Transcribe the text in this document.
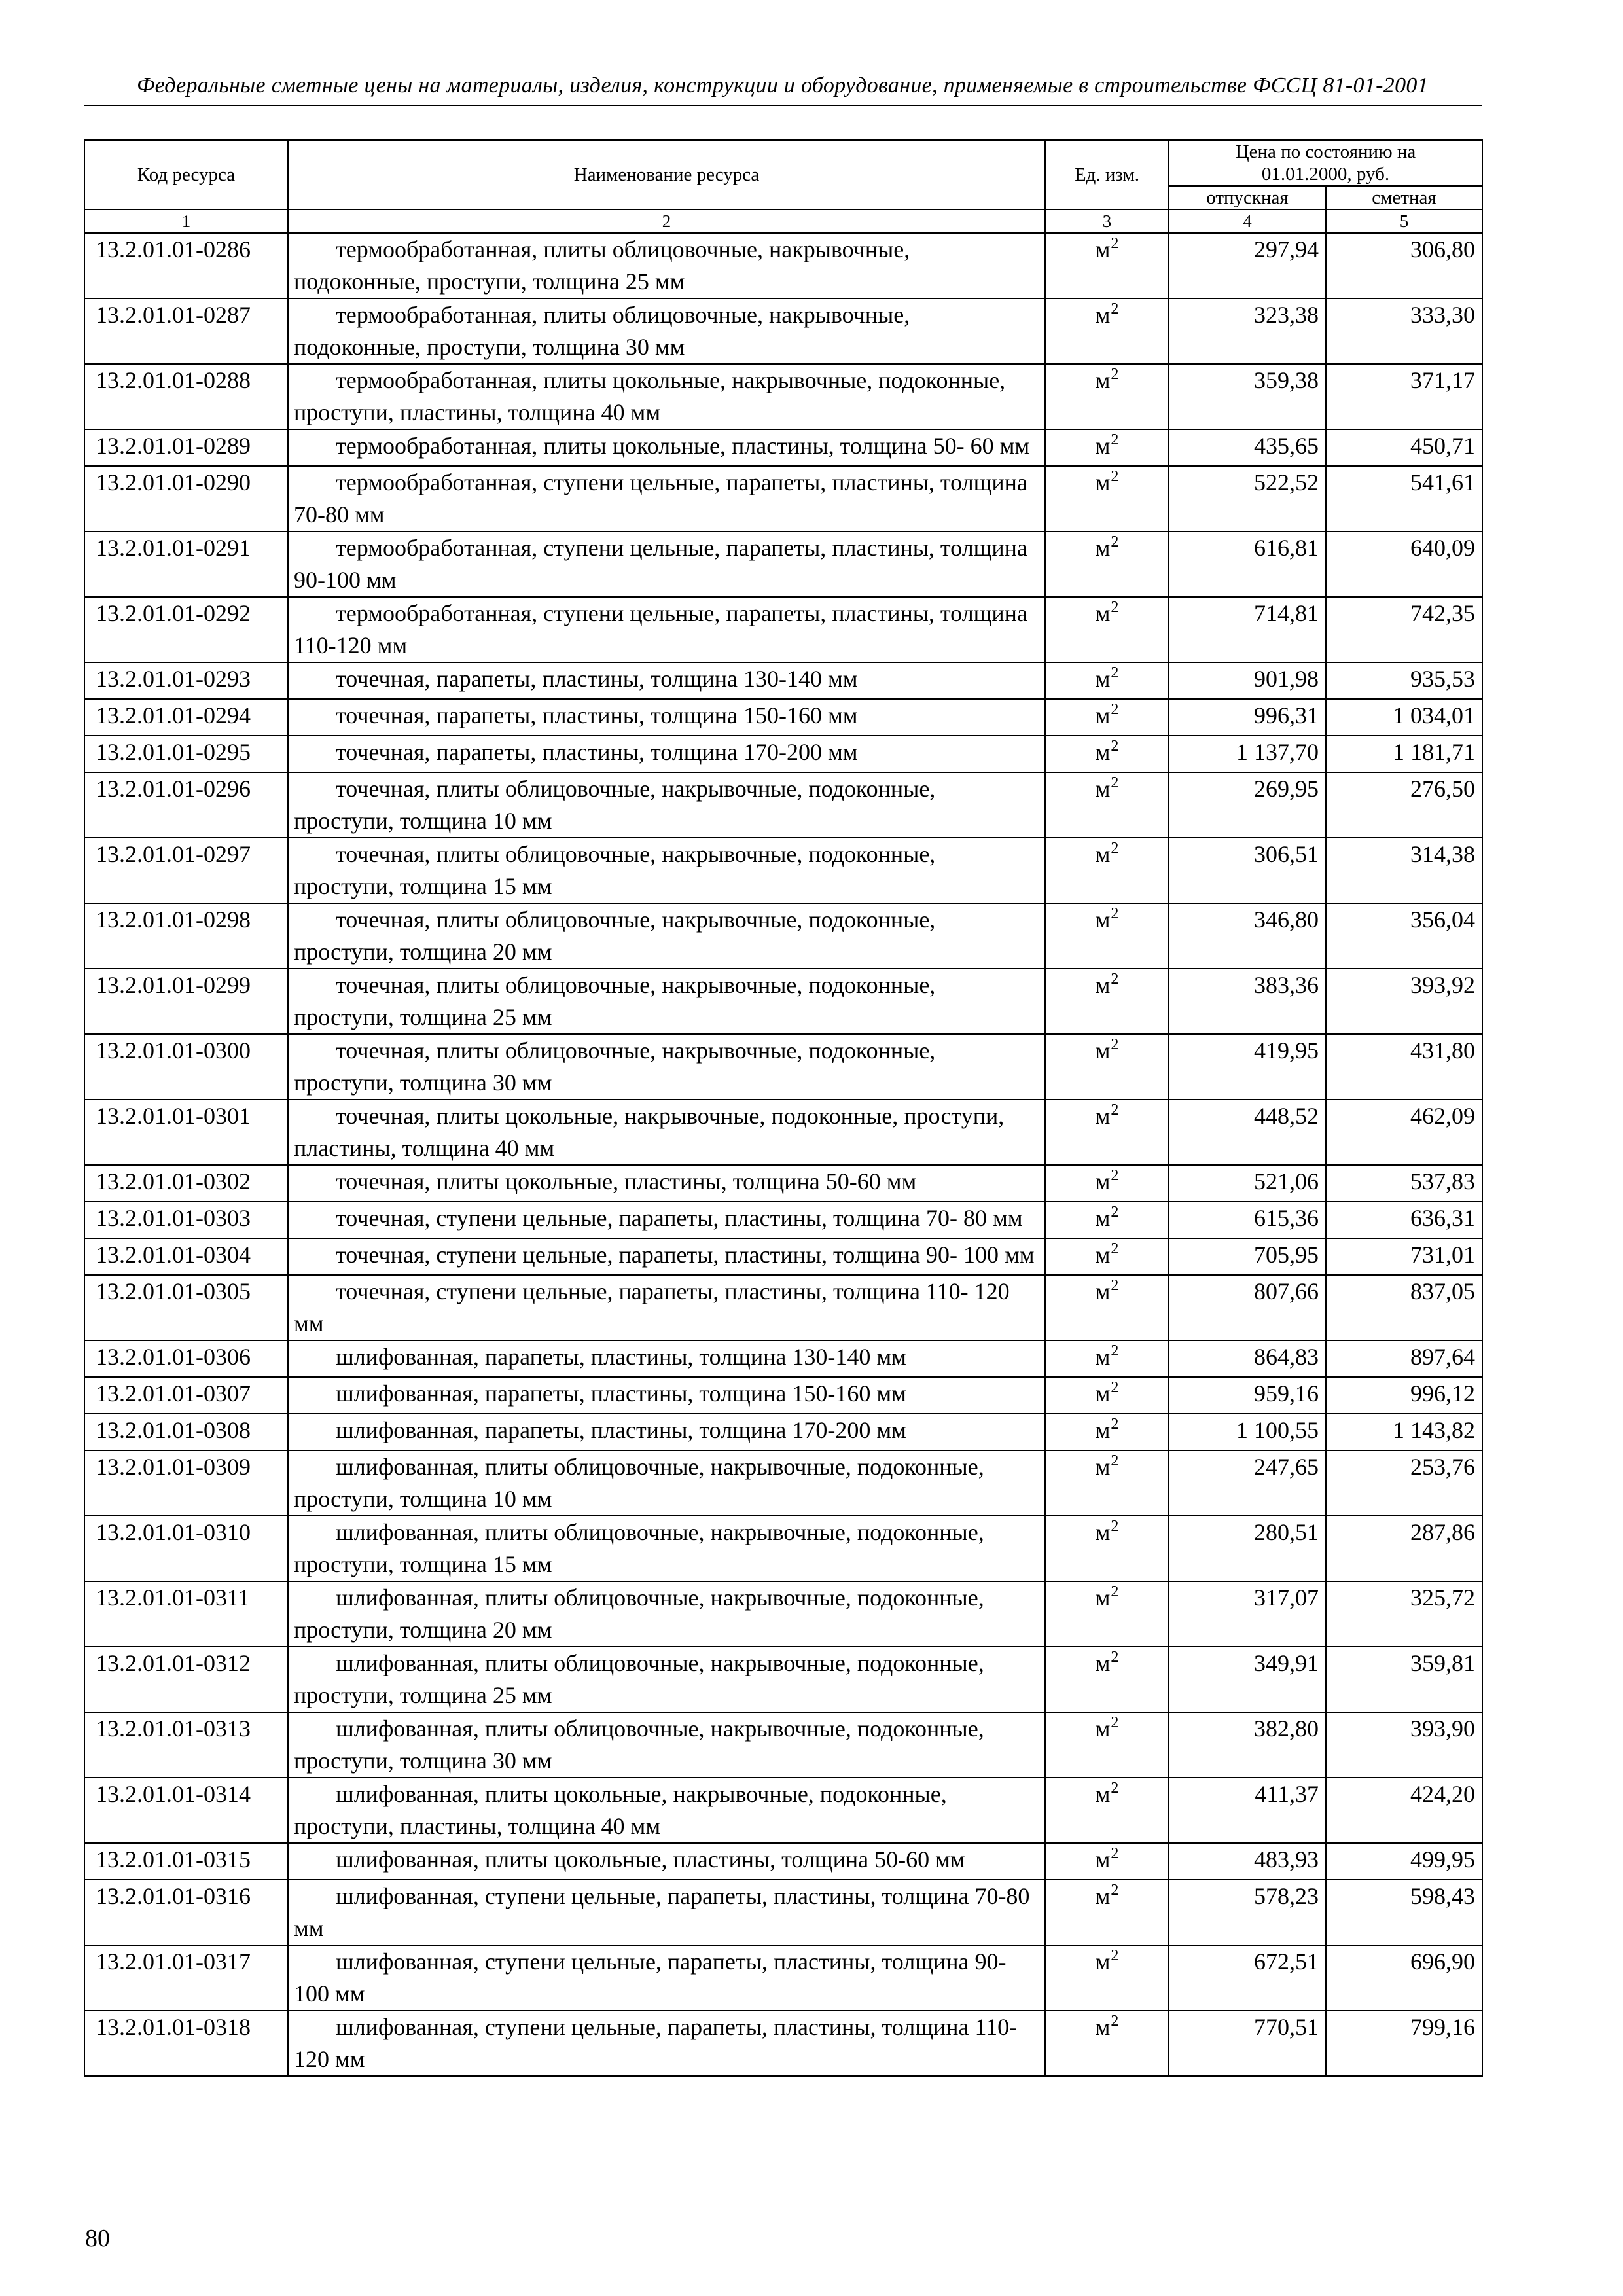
Федеральные сметные цены на материалы, изделия, конструкции и оборудование, применяемые в строительстве ФССЦ 81-01-2001
Код ресурса	Наименование ресурса	Ед. изм.	Цена по состоянию на 01.01.2000, руб.	
			отпускная	сметная
1	2	3	4	5
13.2.01.01-0286	термообработанная, плиты облицовочные, накрывочные, подоконные, проступи, толщина 25 мм	$м^2$	297,94	306,80
13.2.01.01-0287	термообработанная, плиты облицовочные, накрывочные, подоконные, проступи, толщина 30 мм	$м^2$	323,38	333,30
13.2.01.01-0288	термообработанная, плиты цокольные, накрывочные, подоконные, проступи, пластины, толщина 40 мм	$м^2$	359,38	371,17
13.2.01.01-0289	термообработанная, плиты цокольные, пластины, толщина 50- 60 мм	$м^2$	435,65	450,71
13.2.01.01-0290	термообработанная, ступени цельные, парапеты, пластины, толщина 70-80 мм	$м^2$	522,52	541,61
13.2.01.01-0291	термообработанная, ступени цельные, парапеты, пластины, толщина 90-100 мм	$м^2$	616,81	640,09
13.2.01.01-0292	термообработанная, ступени цельные, парапеты, пластины, толщина 110-120 мм	$м^2$	714,81	742,35
13.2.01.01-0293	точечная, парапеты, пластины, толщина 130-140 мм	$м^2$	901,98	935,53
13.2.01.01-0294	точечная, парапеты, пластины, толщина 150-160 мм	$м^2$	996,31	1 034,01
13.2.01.01-0295	точечная, парапеты, пластины, толщина 170-200 мм	$м^2$	1 137,70	1 181,71
13.2.01.01-0296	точечная, плиты облицовочные, накрывочные, подоконные, проступи, толщина 10 мм	$м^2$	269,95	276,50
13.2.01.01-0297	точечная, плиты облицовочные, накрывочные, подоконные, проступи, толщина 15 мм	$м^2$	306,51	314,38
13.2.01.01-0298	точечная, плиты облицовочные, накрывочные, подоконные, проступи, толщина 20 мм	$м^2$	346,80	356,04
13.2.01.01-0299	точечная, плиты облицовочные, накрывочные, подоконные, проступи, толщина 25 мм	$м^2$	383,36	393,92
13.2.01.01-0300	точечная, плиты облицовочные, накрывочные, подоконные, проступи, толщина 30 мм	$м^2$	419,95	431,80
13.2.01.01-0301	точечная, плиты цокольные, накрывочные, подоконные, проступи, пластины, толщина 40 мм	$м^2$	448,52	462,09
13.2.01.01-0302	точечная, плиты цокольные, пластины, толщина 50-60 мм	$м^2$	521,06	537,83
13.2.01.01-0303	точечная, ступени цельные, парапеты, пластины, толщина 70- 80 мм	$м^2$	615,36	636,31
13.2.01.01-0304	точечная, ступени цельные, парапеты, пластины, толщина 90- 100 мм	$м^2$	705,95	731,01
13.2.01.01-0305	точечная, ступени цельные, парапеты, пластины, толщина 110- 120 мм	$м^2$	807,66	837,05
13.2.01.01-0306	шлифованная, парапеты, пластины, толщина 130-140 мм	$м^2$	864,83	897,64
13.2.01.01-0307	шлифованная, парапеты, пластины, толщина 150-160 мм	$м^2$	959,16	996,12
13.2.01.01-0308	шлифованная, парапеты, пластины, толщина 170-200 мм	$м^2$	1 100,55	1 143,82
13.2.01.01-0309	шлифованная, плиты облицовочные, накрывочные, подоконные, проступи, толщина 10 мм	$м^2$	247,65	253,76
13.2.01.01-0310	шлифованная, плиты облицовочные, накрывочные, подоконные, проступи, толщина 15 мм	$м^2$	280,51	287,86
13.2.01.01-0311	шлифованная, плиты облицовочные, накрывочные, подоконные, проступи, толщина 20 мм	$м^2$	317,07	325,72
13.2.01.01-0312	шлифованная, плиты облицовочные, накрывочные, подоконные, проступи, толщина 25 мм	$м^2$	349,91	359,81
13.2.01.01-0313	шлифованная, плиты облицовочные, накрывочные, подоконные, проступи, толщина 30 мм	$м^2$	382,80	393,90
13.2.01.01-0314	шлифованная, плиты цокольные, накрывочные, подоконные, проступи, пластины, толщина 40 мм	$м^2$	411,37	424,20
13.2.01.01-0315	шлифованная, плиты цокольные, пластины, толщина 50-60 мм	$м^2$	483,93	499,95
13.2.01.01-0316	шлифованная, ступени цельные, парапеты, пластины, толщина 70-80 мм	$м^2$	578,23	598,43
13.2.01.01-0317	шлифованная, ступени цельные, парапеты, пластины, толщина 90-100 мм	$м^2$	672,51	696,90
13.2.01.01-0318	шлифованная, ступени цельные, парапеты, пластины, толщина 110-120 мм	$м^2$	770,51	799,16
80
